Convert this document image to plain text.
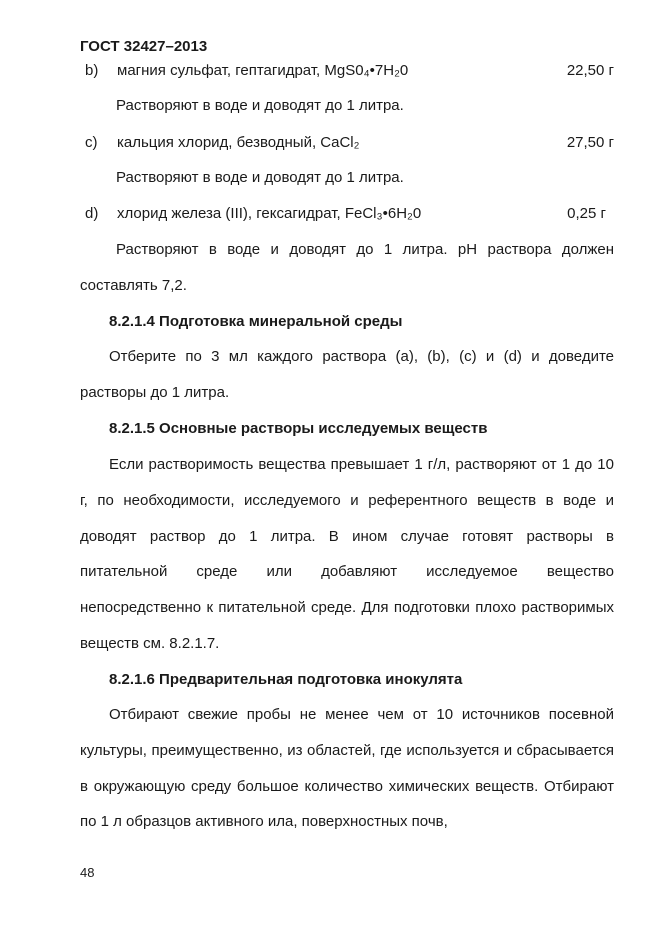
ГОСТ 32427–2013
b) магния сульфат, гептагидрат, MgS0₄•7H₂0	22,50 г
Растворяют в воде и доводят до 1 литра.
c) кальция хлорид, безводный, CaCl₂	27,50 г
Растворяют в воде и доводят до 1 литра.
d) хлорид железа (III), гексагидрат, FeCl₃•6H₂0	0,25 г

Растворяют в воде и доводят до 1 литра. pH раствора должен составлять 7,2.

8.2.1.4 Подготовка минеральной среды

Отберите по 3 мл каждого раствора (a), (b), (c) и (d) и доведите растворы до 1 литра.

8.2.1.5 Основные растворы исследуемых веществ

Если растворимость вещества превышает 1 г/л, растворяют от 1 до 10 г, по необходимости, исследуемого и референтного веществ в воде и доводят раствор до 1 литра. В ином случае готовят растворы в питательной среде или добавляют исследуемое вещество непосредственно к питательной среде. Для подготовки плохо растворимых веществ см. 8.2.1.7.

8.2.1.6 Предварительная подготовка инокулята

Отбирают свежие пробы не менее чем от 10 источников посевной культуры, преимущественно, из областей, где используется и сбрасывается в окружающую среду большое количество химических веществ. Отбирают по 1 л образцов активного ила, поверхностных почв,

48
